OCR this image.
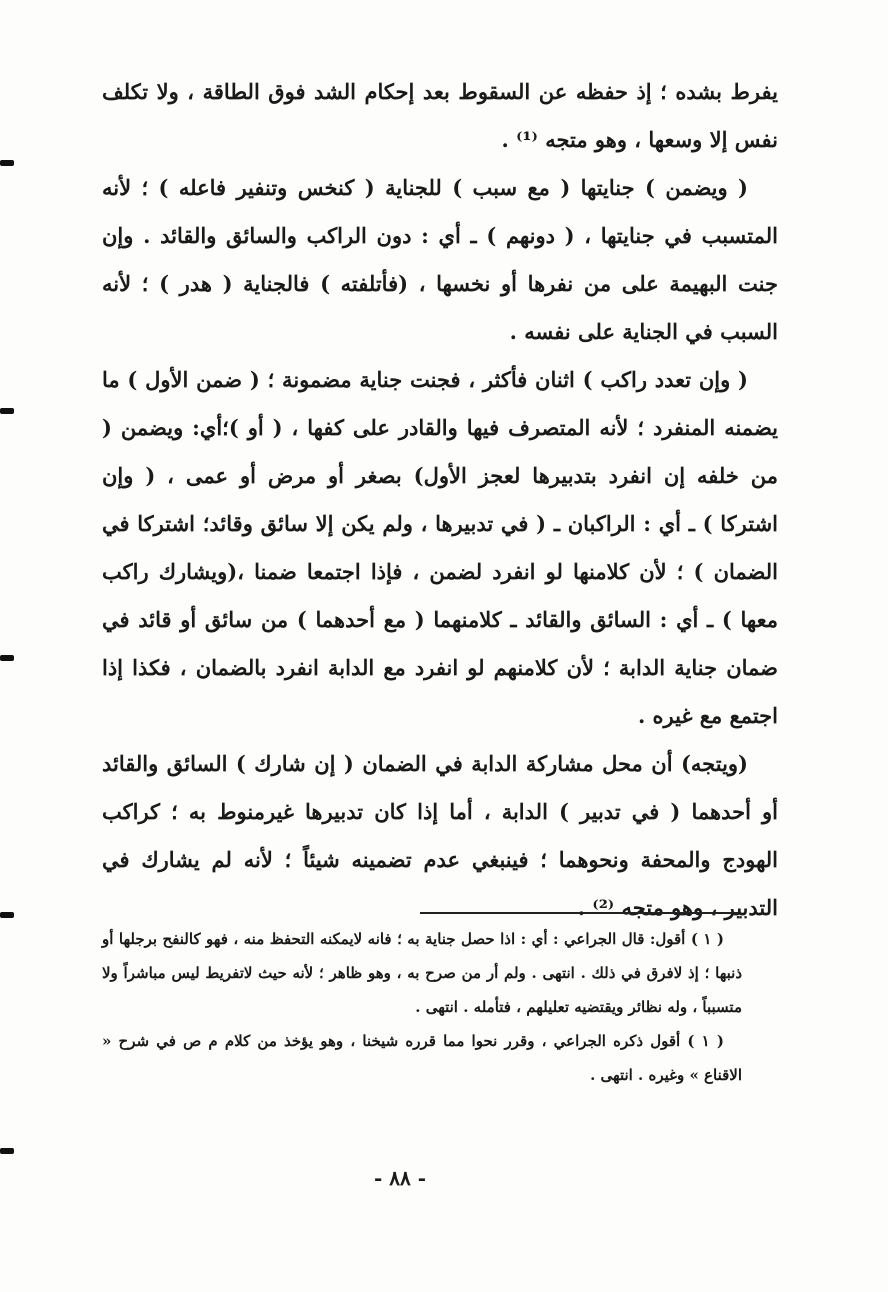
يفرط بشده ؛ إذ حفظه عن السقوط بعد إحكام الشد فوق الطاقة ، ولا تكلف نفس إلا وسعها ، وهو متجه ⁽¹⁾ .

( ويضمن ) جنايتها ( مع سبب ) للجناية ( كنخس وتنفير فاعله ) ؛ لأنه المتسبب في جنايتها ، ( دونهم ) ـ أي : دون الراكب والسائق والقائد . وإن جنت البهيمة على من نفرها أو نخسها ، (فأتلفته ) فالجناية ( هدر ) ؛ لأنه السبب في الجناية على نفسه .

( وإن تعدد راكب ) اثنان فأكثر ، فجنت جناية مضمونة ؛ ( ضمن الأول ) ما يضمنه المنفرد ؛ لأنه المتصرف فيها والقادر على كفها ، ( أو )؛أي: ويضمن ( من خلفه إن انفرد بتدبيرها لعجز الأول) بصغر أو مرض أو عمى ، ( وإن اشتركا ) ـ أي : الراكبان ـ ( في تدبيرها ، ولم يكن إلا سائق وقائد؛ اشتركا في الضمان ) ؛ لأن كلامنها لو انفرد لضمن ، فإذا اجتمعا ضمنا ،(ويشارك راكب معها ) ـ أي : السائق والقائد ـ كلامنهما ( مع أحدهما ) من سائق أو قائد في ضمان جناية الدابة ؛ لأن كلامنهم لو انفرد مع الدابة انفرد بالضمان ، فكذا إذا اجتمع مع غيره .

(ويتجه) أن محل مشاركة الدابة في الضمان ( إن شارك ) السائق والقائد أو أحدهما ( في تدبير ) الدابة ، أما إذا كان تدبيرها غيرمنوط به ؛ كراكب الهودج والمحفة ونحوهما ؛ فينبغي عدم تضمينه شيئاً ؛ لأنه لم يشارك في التدبير ، وهو متجه ⁽²⁾ .

( ١ ) أقول: قال الجراعي : أي : اذا حصل جناية به ؛ فانه لايمكنه التحفظ منه ، فهو كالنفح برجلها أو ذنبها ؛ إذ لافرق في ذلك . انتهى . ولم أر من صرح به ، وهو ظاهر ؛ لأنه حيث لاتفريط ليس مباشراً ولا متسبباً ، وله نظائر ويقتضيه تعليلهم ، فتأمله . انتهى .

( ١ ) أقول ذكره الجراعي ، وقرر نحوا مما قرره شيخنا ، وهو يؤخذ من كلام م ص في شرح « الاقناع » وغيره . انتهى .

- ٨٨ -
